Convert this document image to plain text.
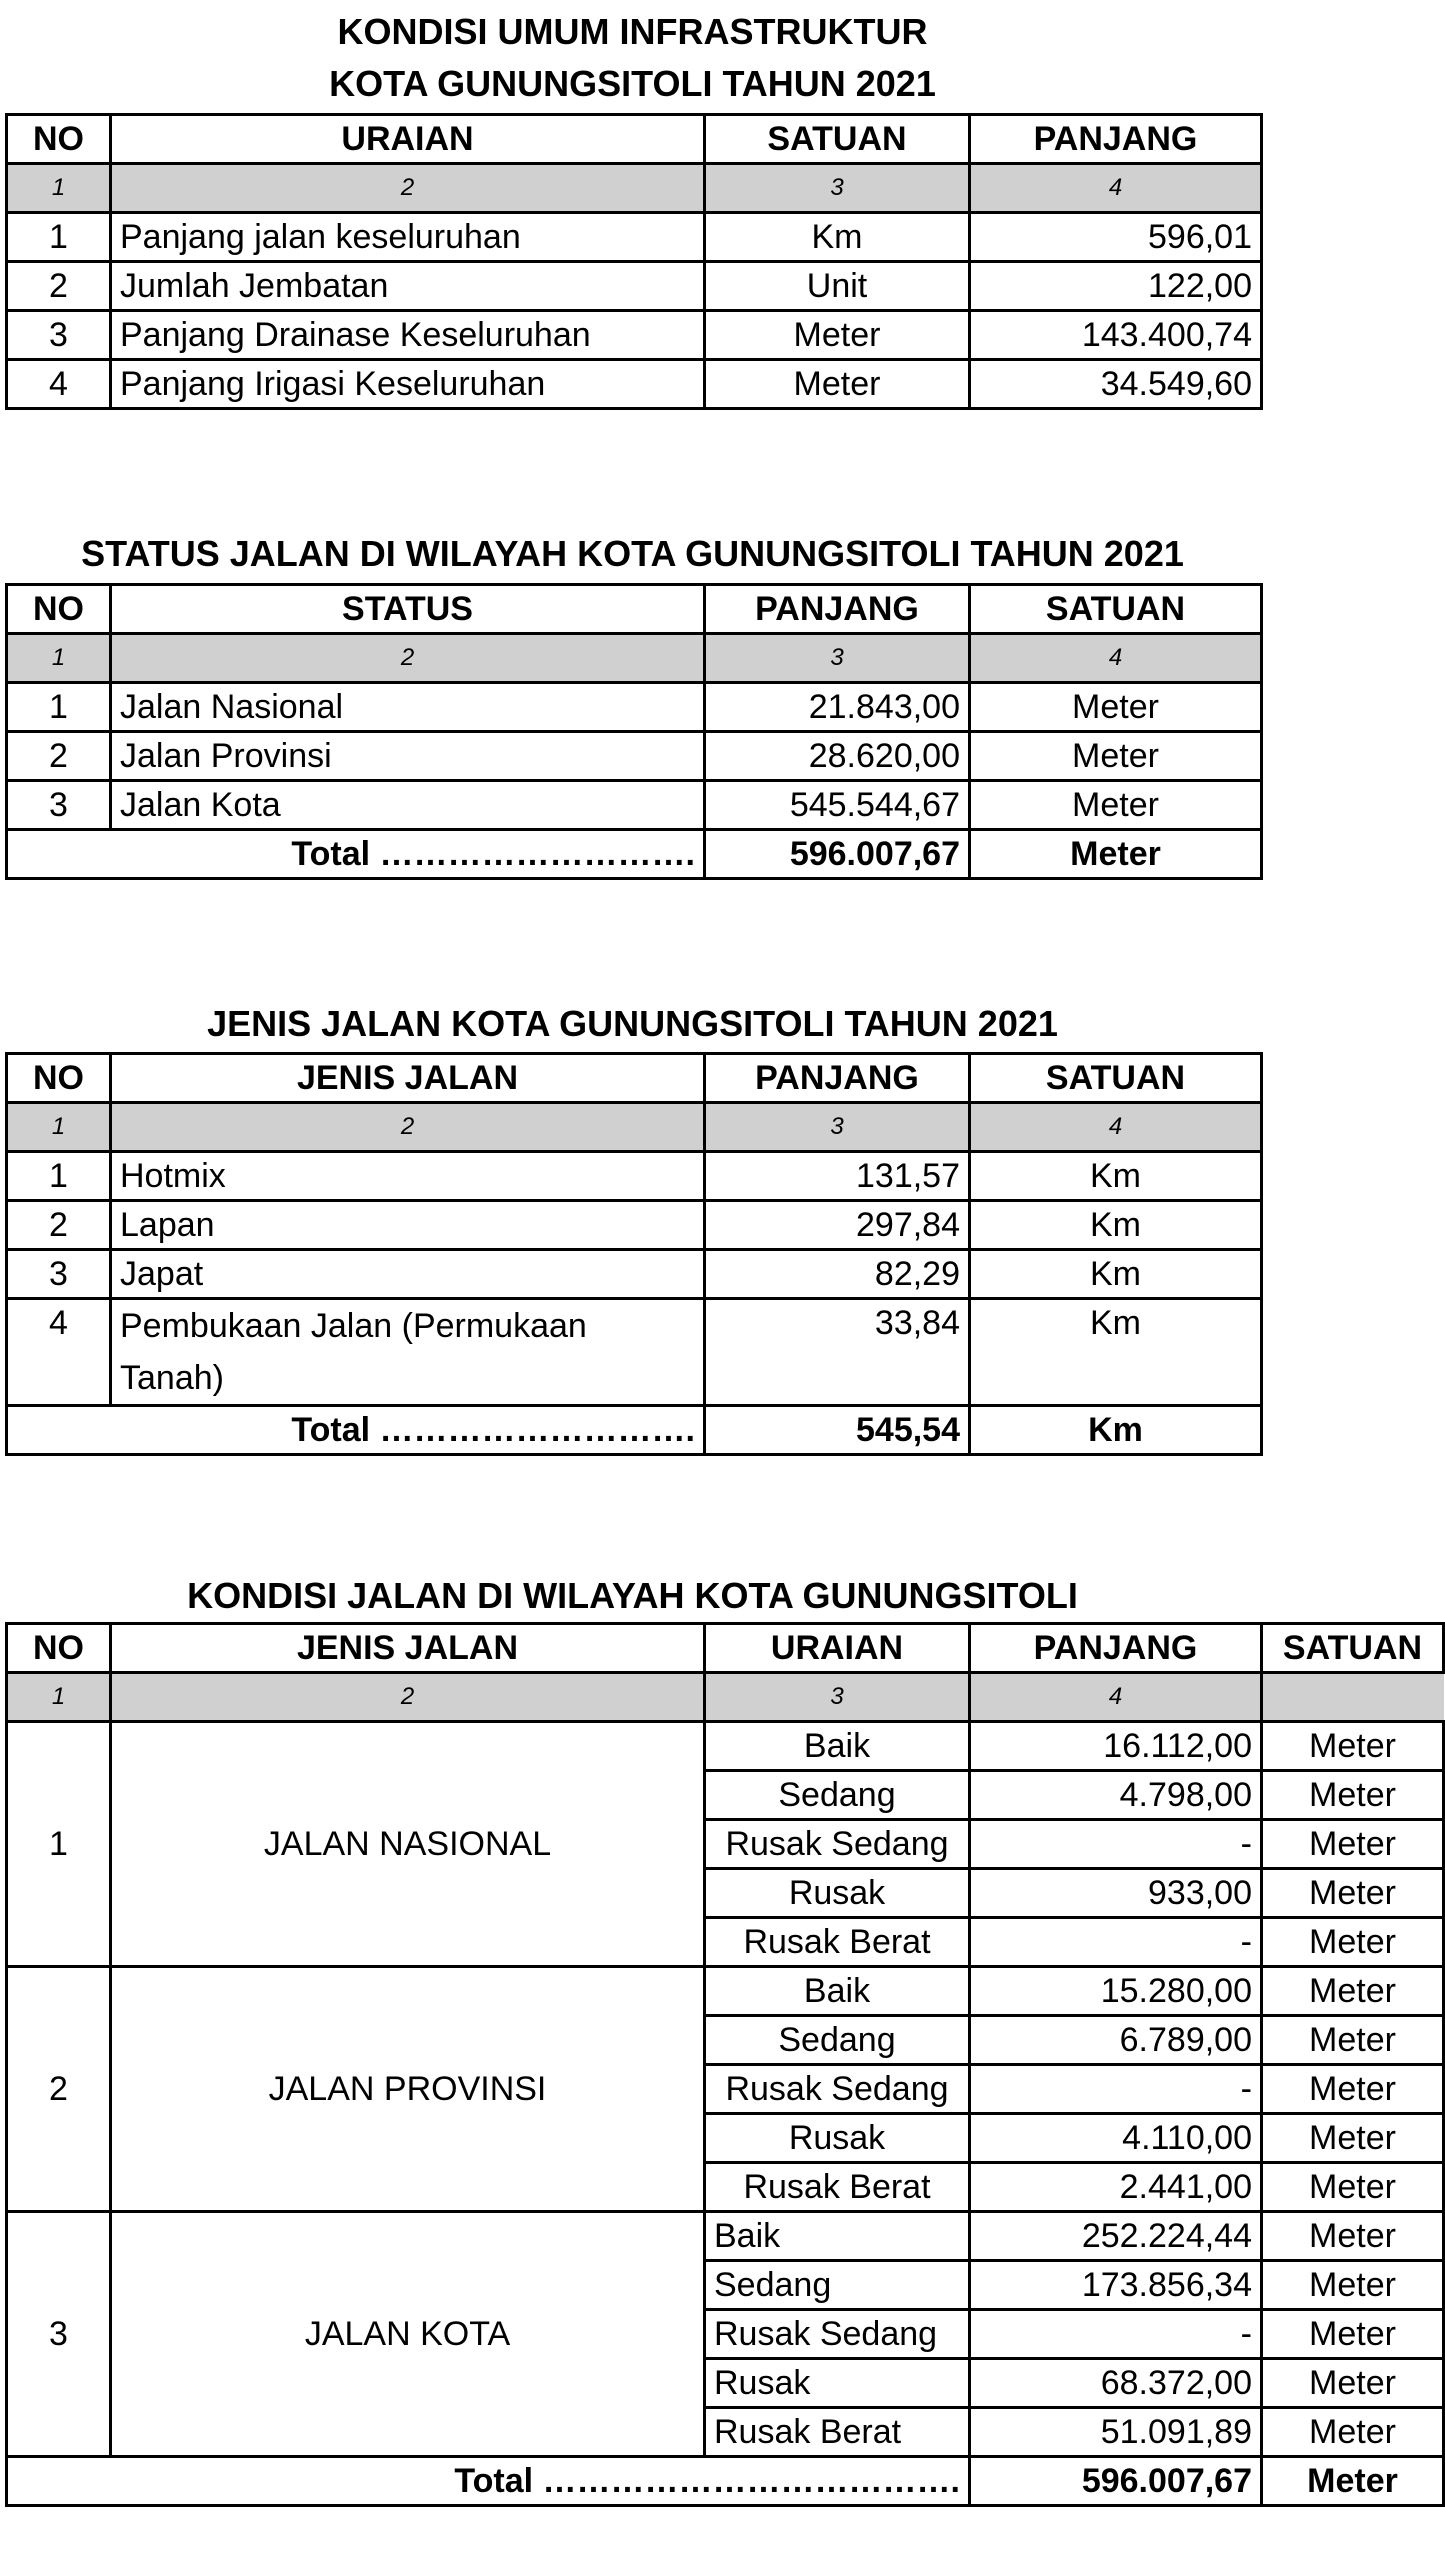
KONDISI UMUM INFRASTRUKTUR
KOTA GUNUNGSITOLI TAHUN 2021
NO	URAIAN	SATUAN	PANJANG
1	2	3	4
1	Panjang jalan keseluruhan	Km	596,01
2	Jumlah Jembatan	Unit	122,00
3	Panjang Drainase Keseluruhan	Meter	143.400,74
4	Panjang Irigasi Keseluruhan	Meter	34.549,60
STATUS JALAN DI WILAYAH KOTA GUNUNGSITOLI TAHUN 2021
NO	STATUS	PANJANG	SATUAN
1	2	3	4
1	Jalan Nasional	21.843,00	Meter
2	Jalan Provinsi	28.620,00	Meter
3	Jalan Kota	545.544,67	Meter
Total ……………………….		596.007,67	Meter
JENIS JALAN KOTA GUNUNGSITOLI TAHUN 2021
NO	JENIS JALAN	PANJANG	SATUAN
1	2	3	4
1	Hotmix	131,57	Km
2	Lapan	297,84	Km
3	Japat	82,29	Km
4	Pembukaan Jalan (Permukaan Tanah)	33,84	Km
Total ……………………….		545,54	Km
KONDISI JALAN DI WILAYAH KOTA GUNUNGSITOLI
NO	JENIS JALAN	URAIAN	PANJANG	SATUAN
1	2	3	4	
1	JALAN NASIONAL	Baik	16.112,00	Meter
		Sedang	4.798,00	Meter
		Rusak Sedang	-	Meter
		Rusak	933,00	Meter
		Rusak Berat	-	Meter
2	JALAN PROVINSI	Baik	15.280,00	Meter
		Sedang	6.789,00	Meter
		Rusak Sedang	-	Meter
		Rusak	4.110,00	Meter
		Rusak Berat	2.441,00	Meter
3	JALAN KOTA	Baik	252.224,44	Meter
		Sedang	173.856,34	Meter
		Rusak Sedang	-	Meter
		Rusak	68.372,00	Meter
		Rusak Berat	51.091,89	Meter
Total ……………………………….			596.007,67	Meter
